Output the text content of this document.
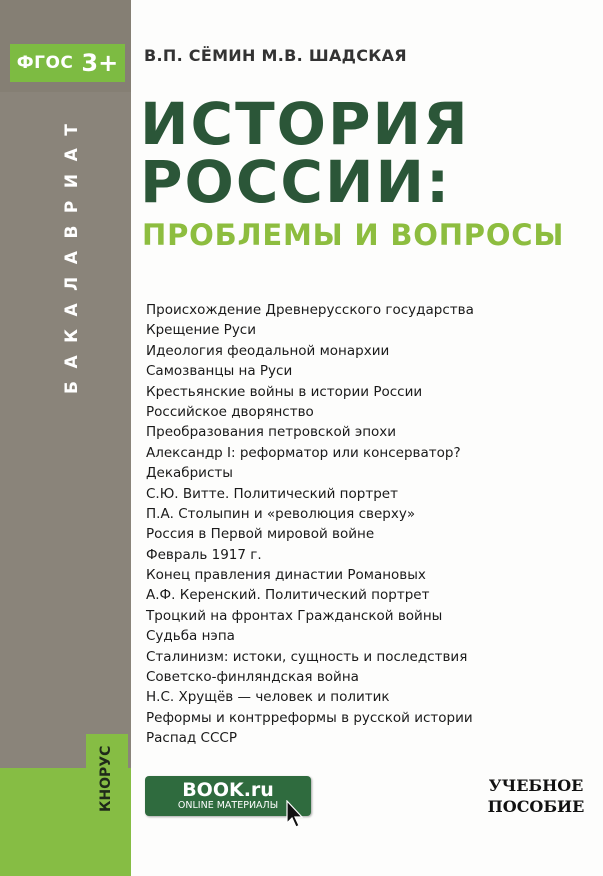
ФГОС 3+
БАКАЛАВРИАТ
КНОРУС
В.П. СЁМИН М.В. ШАДСКАЯ
ИСТОРИЯ
РОССИИ:
ПРОБЛЕМЫ И ВОПРОСЫ
Происхождение Древнерусского государства
Крещение Руси
Идеология феодальной монархии
Самозванцы на Руси
Крестьянские войны в истории России
Российское дворянство
Преобразования петровской эпохи
Александр I: реформатор или консерватор?
Декабристы
С.Ю. Витте. Политический портрет
П.А. Столыпин и «революция сверху»
Россия в Первой мировой войне
Февраль 1917 г.
Конец правления династии Романовых
А.Ф. Керенский. Политический портрет
Троцкий на фронтах Гражданской войны
Судьба нэпа
Сталинизм: истоки, сущность и последствия
Советско-финляндская война
Н.С. Хрущёв — человек и политик
Реформы и контрреформы в русской истории
Распад СССР
BOOK.ru
ONLINE МАТЕРИАЛЫ
УЧЕБНОЕ
ПОСОБИЕ
